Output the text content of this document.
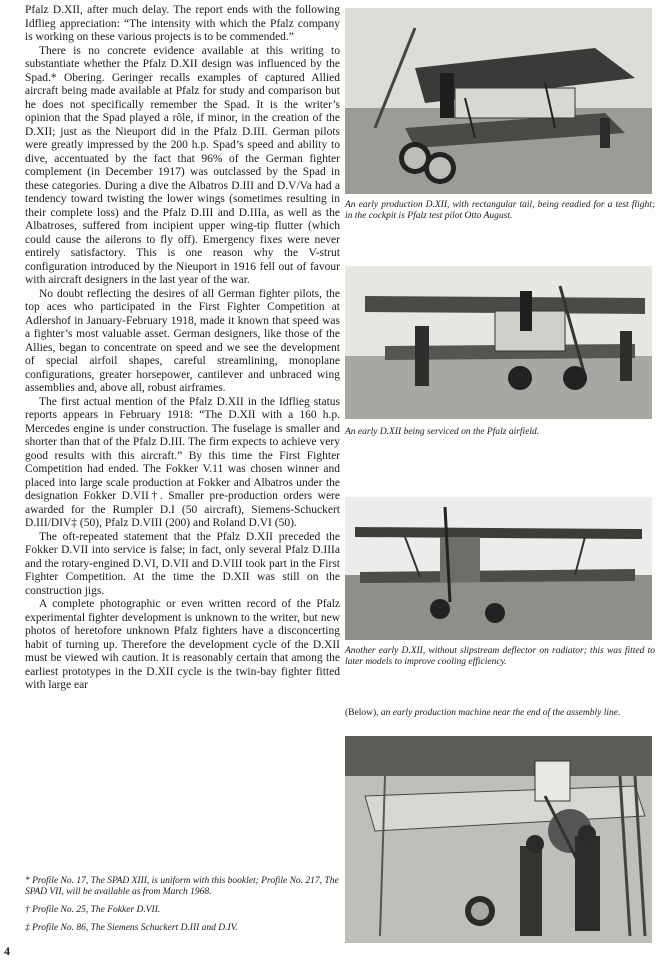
Pfalz D.XII, after much delay. The report ends with the following Idflieg appreciation: “The intensity with which the Pfalz company is working on these various projects is to be commended.”

There is no concrete evidence available at this writing to substantiate whether the Pfalz D.XII design was influenced by the Spad.* Obering. Geringer recalls examples of captured Allied aircraft being made available at Pfalz for study and comparison but he does not specifically remember the Spad. It is the writer’s opinion that the Spad played a rôle, if minor, in the creation of the D.XII; just as the Nieuport did in the Pfalz D.III. German pilots were greatly impressed by the 200 h.p. Spad’s speed and ability to dive, accentuated by the fact that 96% of the German fighter complement (in December 1917) was outclassed by the Spad in these categories. During a dive the Albatros D.III and D.V/Va had a tendency toward twisting the lower wings (sometimes resulting in their complete loss) and the Pfalz D.III and D.IIIa, as well as the Albatroses, suffered from incipient upper wing-tip flutter (which could cause the ailerons to fly off). Emergency fixes were never entirely satisfactory. This is one reason why the V-strut configuration introduced by the Nieuport in 1916 fell out of favour with aircraft designers in the last year of the war.

No doubt reflecting the desires of all German fighter pilots, the top aces who participated in the First Fighter Competition at Adlershof in January-February 1918, made it known that speed was a fighter’s most valuable asset. German designers, like those of the Allies, began to concentrate on speed and we see the development of special airfoil shapes, careful streamlining, monoplane configurations, greater horsepower, cantilever and unbraced wing assemblies and, above all, robust airframes.

The first actual mention of the Pfalz D.XII in the Idflieg status reports appears in February 1918: “The D.XII with a 160 h.p. Mercedes engine is under construction. The fuselage is smaller and shorter than that of the Pfalz D.III. The firm expects to achieve very good results with this aircraft.” By this time the First Fighter Competition had ended. The Fokker V.11 was chosen winner and placed into large scale production at Fokker and Albatros under the designation Fokker D.VII†. Smaller pre-production orders were awarded for the Rumpler D.I (50 aircraft), Siemens-Schuckert D.III/DIV‡ (50), Pfalz D.VIII (200) and Roland D.VI (50).

The oft-repeated statement that the Pfalz D.XII preceded the Fokker D.VII into service is false; in fact, only several Pfalz D.IIIa and the rotary-engined D.VI, D.VII and D.VIII took part in the First Fighter Competition. At the time the D.XII was still on the construction jigs.

A complete photographic or even written record of the Pfalz experimental fighter development is unknown to the writer, but new photos of heretofore unknown Pfalz fighters have a disconcerting habit of turning up. Therefore the development cycle of the D.XII must be viewed wih caution. It is reasonably certain that among the earliest prototypes in the D.XII cycle is the twin-bay fighter fitted with large ear

* Profile No. 17, The SPAD XIII, is uniform with this booklet; Profile No. 217, The SPAD VII, will be available as from March 1968.
† Profile No. 25, The Fokker D.VII.
‡ Profile No. 86, The Siemens Schuckert D.III and D.IV.
4
An early production D.XII, with rectangular tail, being readied for a test flight; in the cockpit is Pfalz test pilot Otto August.
An early D.XII being serviced on the Pfalz airfield.
Another early D.XII, without slipstream deflector on radiator; this was fitted to later models to improve cooling efficiency.
(Below), an early production machine near the end of the assembly line.
